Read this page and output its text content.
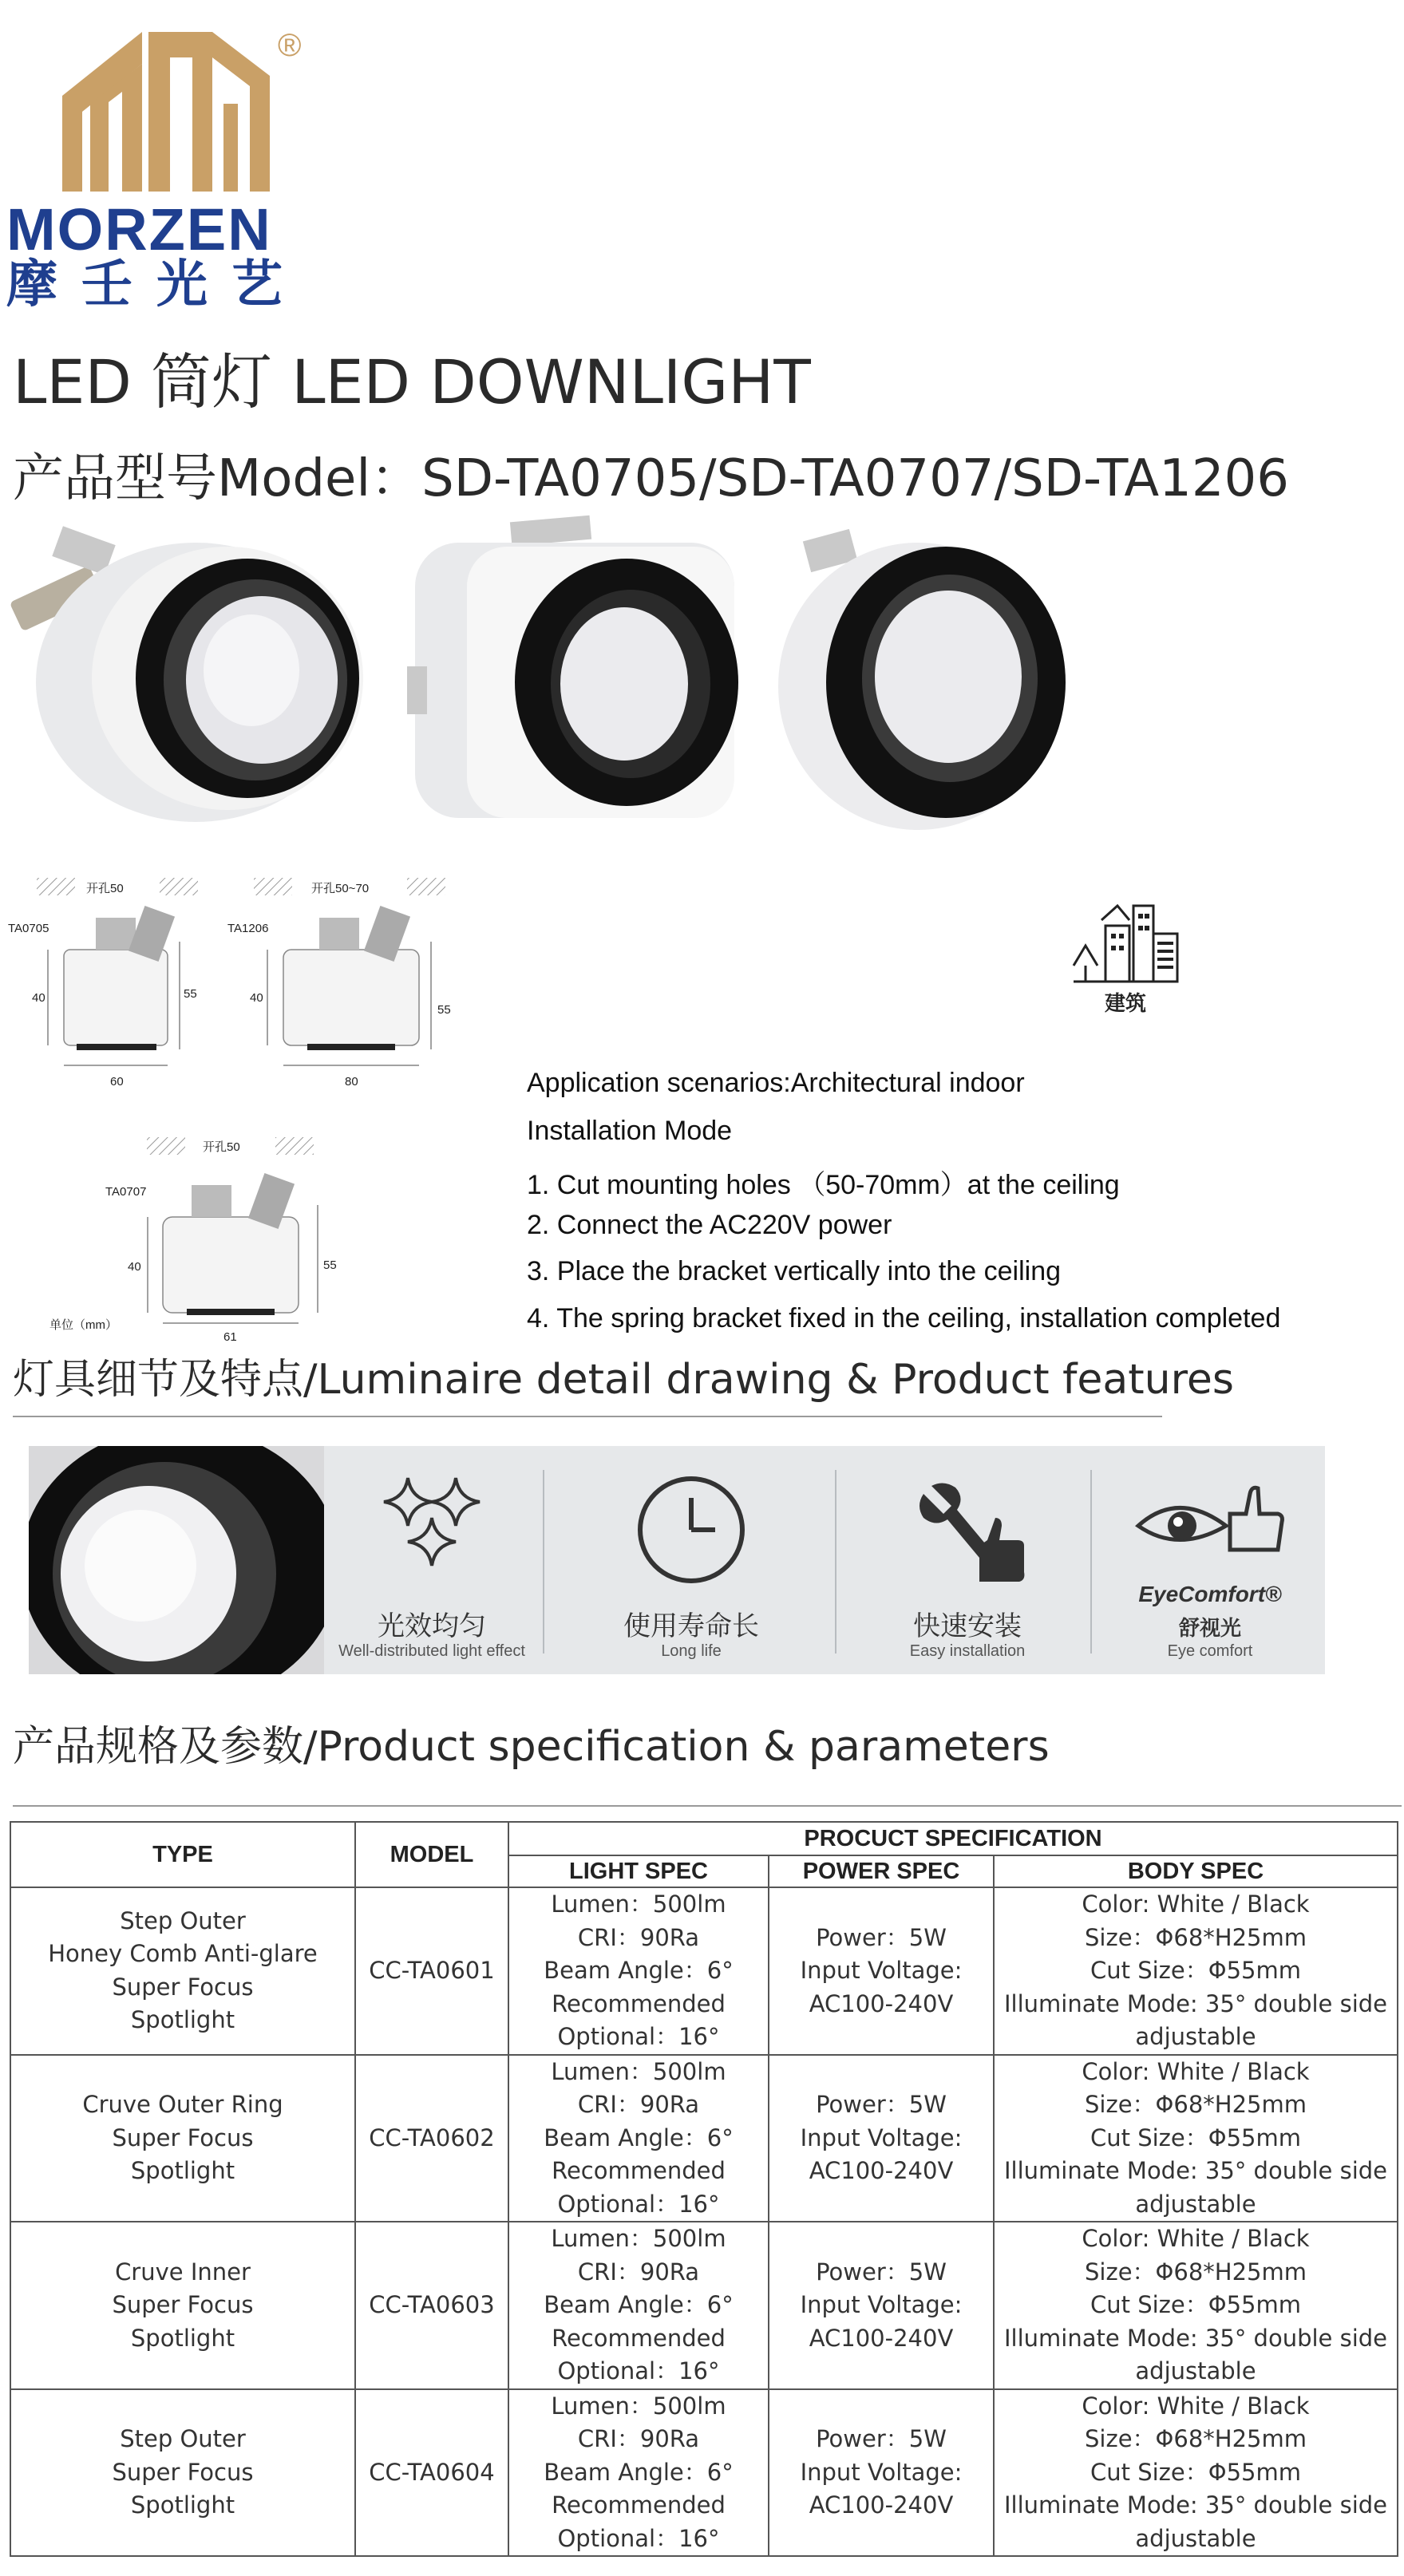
®
MORZEN
摩壬光艺
LED 筒灯 LED DOWNLIGHT
产品型号Model：SD-TA0705/SD-TA0707/SD-TA1206
开孔50
TA0705
40	55
60
开孔50~70
TA1206
40
55
80
开孔50
TA0707
40	55
61
单位（mm）
建筑
Application scenarios:Architectural indoor
Installation Mode
1. Cut mounting holes （50-70mm）at the ceiling
2. Connect the AC220V power
3. Place the bracket vertically into the ceiling
4. The spring bracket fixed in the ceiling, installation completed
灯具细节及特点/Luminaire detail drawing & Product features
光效均匀
Well-distributed light effect
使用寿命长
Long life
快速安装
Easy installation
EyeComfort®
舒视光
Eye comfort
产品规格及参数/Product specification & parameters
TYPE	MODEL	PROCUCT SPECIFICATION		
		LIGHT SPEC	POWER SPEC	BODY SPEC

Step Outer
Honey Comb Anti-glare
Super Focus
Spotlight	CC-TA0601	Lumen：500lm
CRI：90Ra
Beam Angle：6°
Recommended
Optional：16°	Power：5W
Input Voltage:
AC100-240V	Color: White / Black
Size：Φ68*H25mm
Cut Size：Φ55mm
Illuminate Mode: 35° double side
adjustable

Cruve Outer Ring
Super Focus
Spotlight	CC-TA0602	Lumen：500lm
CRI：90Ra
Beam Angle：6°
Recommended
Optional：16°	Power：5W
Input Voltage:
AC100-240V	Color: White / Black
Size：Φ68*H25mm
Cut Size：Φ55mm
Illuminate Mode: 35° double side
adjustable

Cruve Inner
Super Focus
Spotlight	CC-TA0603	Lumen：500lm
CRI：90Ra
Beam Angle：6°
Recommended
Optional：16°	Power：5W
Input Voltage:
AC100-240V	Color: White / Black
Size：Φ68*H25mm
Cut Size：Φ55mm
Illuminate Mode: 35° double side
adjustable

Step Outer
Super Focus
Spotlight	CC-TA0604	Lumen：500lm
CRI：90Ra
Beam Angle：6°
Recommended
Optional：16°	Power：5W
Input Voltage:
AC100-240V	Color: White / Black
Size：Φ68*H25mm
Cut Size：Φ55mm
Illuminate Mode: 35° double side
adjustable
